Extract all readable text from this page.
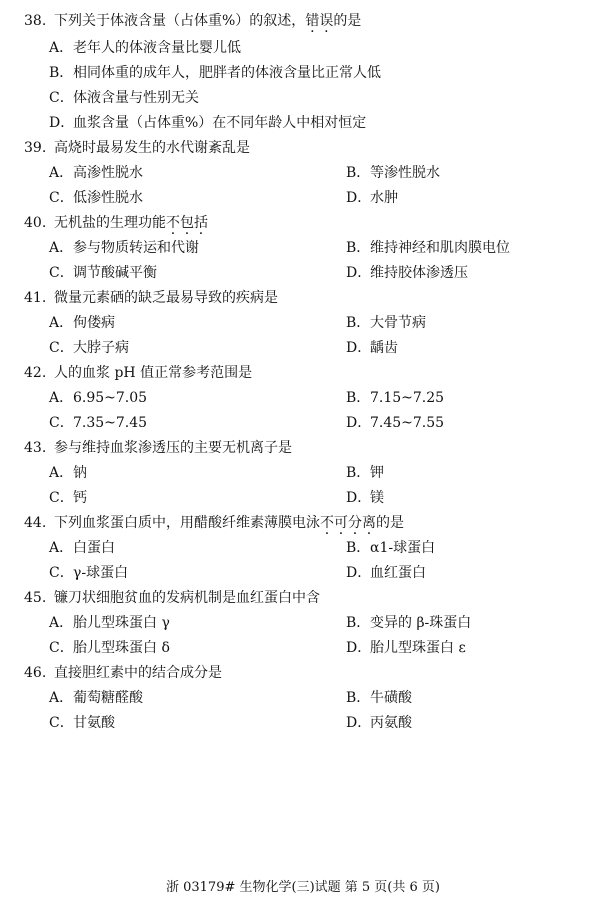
38. 下列关于体液含量（占体重%）的叙述，错误的是
A．老年人的体液含量比婴儿低
B．相同体重的成年人，肥胖者的体液含量比正常人低
C．体液含量与性别无关
D．血浆含量（占体重%）在不同年龄人中相对恒定
39. 高烧时最易发生的水代谢紊乱是
A．高渗性脱水	B．等渗性脱水
C．低渗性脱水	D．水肿
40. 无机盐的生理功能不包括
A．参与物质转运和代谢	B．维持神经和肌肉膜电位
C．调节酸碱平衡	D．维持胶体渗透压
41. 微量元素硒的缺乏最易导致的疾病是
A．佝偻病	B．大骨节病
C．大脖子病	D．龋齿
42. 人的血浆 pH 值正常参考范围是
A．6.95~7.05	B．7.15~7.25
C．7.35~7.45	D．7.45~7.55
43. 参与维持血浆渗透压的主要无机离子是
A．钠	B．钾
C．钙	D．镁
44. 下列血浆蛋白质中，用醋酸纤维素薄膜电泳不可分离的是
A．白蛋白	B．α1-球蛋白
C．γ-球蛋白	D．血红蛋白
45. 镰刀状细胞贫血的发病机制是血红蛋白中含
A．胎儿型珠蛋白 γ	B．变异的 β-珠蛋白
C．胎儿型珠蛋白 δ	D．胎儿型珠蛋白 ε
46. 直接胆红素中的结合成分是
A．葡萄糖醛酸	B．牛磺酸
C．甘氨酸	D．丙氨酸
浙 03179# 生物化学(三)试题 第 5 页(共 6 页)
